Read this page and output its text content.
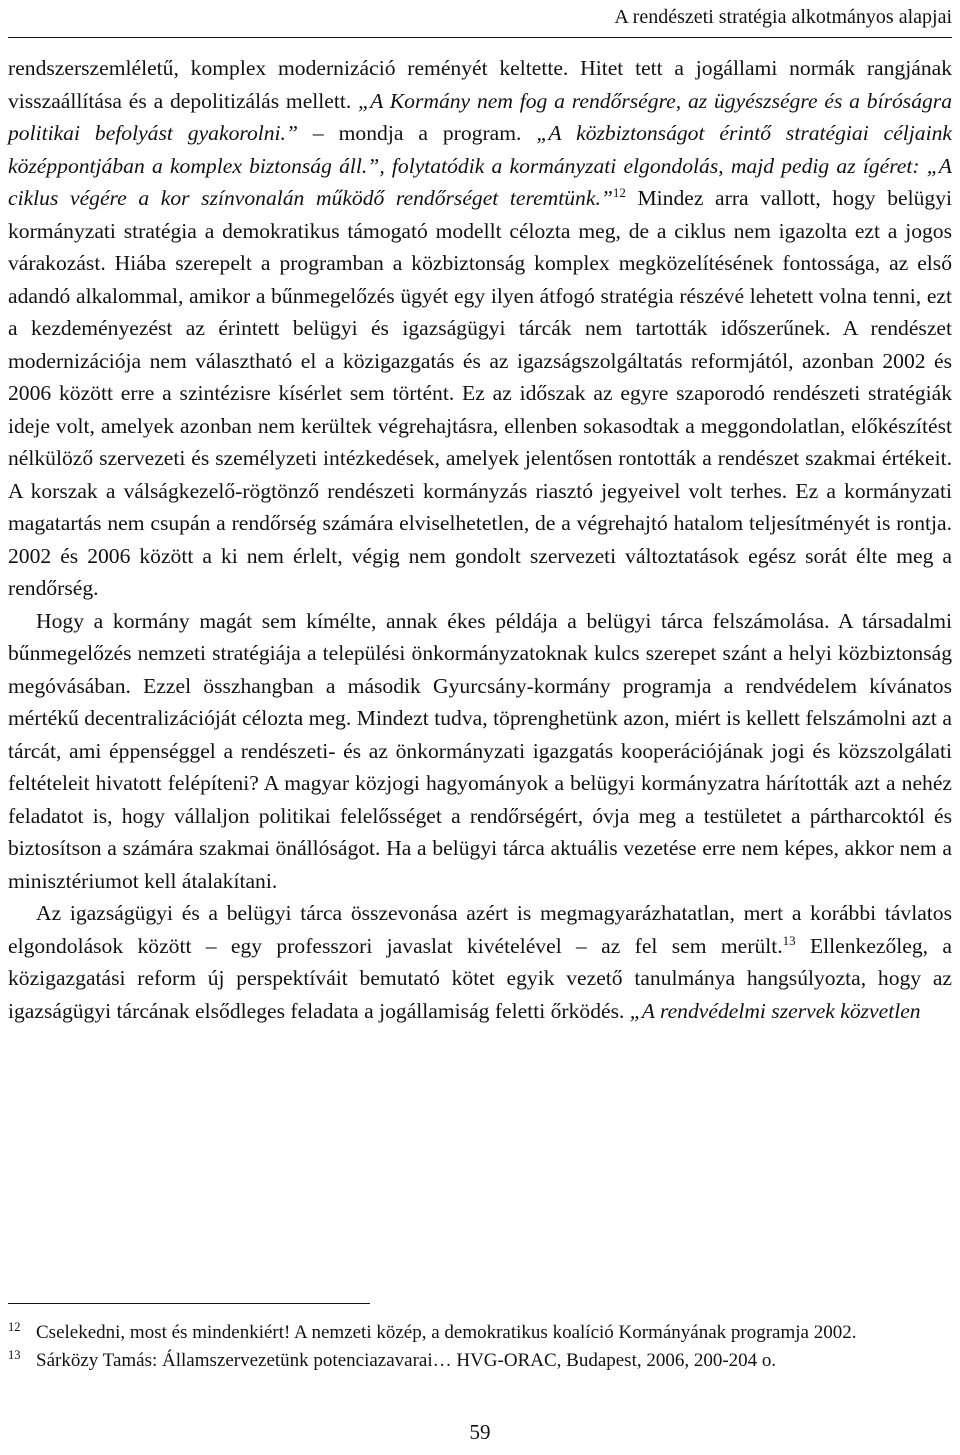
A rendészeti stratégia alkotmányos alapjai

rendszerszemléletű, komplex modernizáció reményét keltette. Hitet tett a jogállami normák rangjának visszaállítása és a depolitizálás mellett. „A Kormány nem fog a rendőrségre, az ügyészségre és a bíróságra politikai befolyást gyakorolni.” – mondja a program. „A közbiztonságot érintő stratégiai céljaink középpontjában a komplex biztonság áll.”, folytatódik a kormányzati elgondolás, majd pedig az ígéret: „A ciklus végére a kor színvonalán működő rendőrséget teremtünk.”$^{12}$ Mindez arra vallott, hogy belügyi kormányzati stratégia a demokratikus támogató modellt célozta meg, de a ciklus nem igazolta ezt a jogos várakozást. Hiába szerepelt a programban a közbiztonság komplex megközelítésének fontossága, az első adandó alkalommal, amikor a bűnmegelőzés ügyét egy ilyen átfogó stratégia részévé lehetett volna tenni, ezt a kezdeményezést az érintett belügyi és igazságügyi tárcák nem tartották időszerűnek. A rendészet modernizációja nem választható el a közigazgatás és az igazságszolgáltatás reformjától, azonban 2002 és 2006 között erre a szintézisre kísérlet sem történt. Ez az időszak az egyre szaporodó rendészeti stratégiák ideje volt, amelyek azonban nem kerültek végrehajtásra, ellenben sokasodtak a meggondolatlan, előkészítést nélkülöző szervezeti és személyzeti intézkedések, amelyek jelentősen rontották a rendészet szakmai értékeit. A korszak a válságkezelő-rögtönző rendészeti kormányzás riasztó jegyeivel volt terhes. Ez a kormányzati magatartás nem csupán a rendőrség számára elviselhetetlen, de a végrehajtó hatalom teljesítményét is rontja. 2002 és 2006 között a ki nem érlelt, végig nem gondolt szervezeti változtatások egész sorát élte meg a rendőrség.

Hogy a kormány magát sem kímélte, annak ékes példája a belügyi tárca felszámolása. A társadalmi bűnmegelőzés nemzeti stratégiája a települési önkormányzatoknak kulcs szerepet szánt a helyi közbiztonság megóvásában. Ezzel összhangban a második Gyurcsány-kormány programja a rendvédelem kívánatos mértékű decentralizációját célozta meg. Mindezt tudva, töprenghetünk azon, miért is kellett felszámolni azt a tárcát, ami éppenséggel a rendészeti- és az önkormányzati igazgatás kooperációjának jogi és közszolgálati feltételeit hivatott felépíteni? A magyar közjogi hagyományok a belügyi kormányzatra hárították azt a nehéz feladatot is, hogy vállaljon politikai felelősséget a rendőrségért, óvja meg a testületet a pártharcoktól és biztosítson a számára szakmai önállóságot. Ha a belügyi tárca aktuális vezetése erre nem képes, akkor nem a minisztériumot kell átalakítani.

Az igazságügyi és a belügyi tárca összevonása azért is megmagyarázhatatlan, mert a korábbi távlatos elgondolások között – egy professzori javaslat kivételével – az fel sem merült.$^{13}$ Ellenkezőleg, a közigazgatási reform új perspektíváit bemutató kötet egyik vezető tanulmánya hangsúlyozta, hogy az igazságügyi tárcának elsődleges feladata a jogállamiság feletti őrködés. „A rendvédelmi szervek közvetlen

12 Cselekedni, most és mindenkiért! A nemzeti közép, a demokratikus koalíció Kormányának programja 2002.
13 Sárközy Tamás: Államszervezetünk potenciazavarai… HVG-ORAC, Budapest, 2006, 200-204 o.
59
